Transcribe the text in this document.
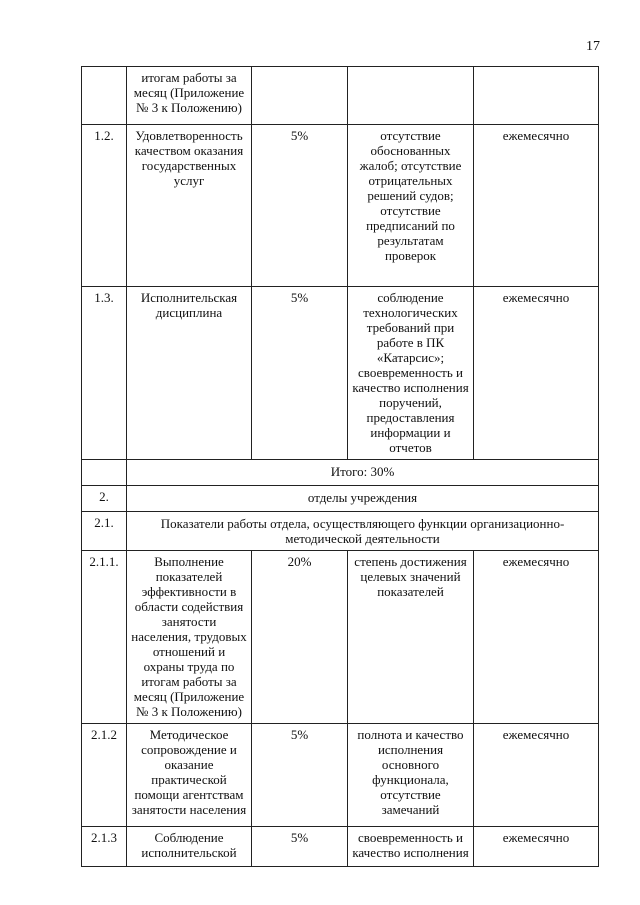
17
	итогам работы за месяц (Приложение № 3 к Положению)			
1.2.	Удовлетворенность качеством оказания государственных услуг	5%	отсутствие обоснованных жалоб; отсутствие отрицательных решений судов; отсутствие предписаний по результатам проверок	ежемесячно
1.3.	Исполнительская дисциплина	5%	соблюдение технологических требований при работе в ПК «Катарсис»; своевременность и качество исполнения поручений, предоставления информации и отчетов	ежемесячно
	Итого: 30%			
2.	отделы учреждения			
2.1.	Показатели работы отдела, осуществляющего функции организационно-методической деятельности			
2.1.1.	Выполнение показателей эффективности в области содействия занятости населения, трудовых отношений и охраны труда по итогам работы за месяц (Приложение № 3 к Положению)	20%	степень достижения целевых значений показателей	ежемесячно
2.1.2	Методическое сопровождение и оказание практической помощи агентствам занятости населения	5%	полнота и качество исполнения основного функционала, отсутствие замечаний	ежемесячно
2.1.3	Соблюдение исполнительской	5%	своевременность и качество исполнения	ежемесячно
